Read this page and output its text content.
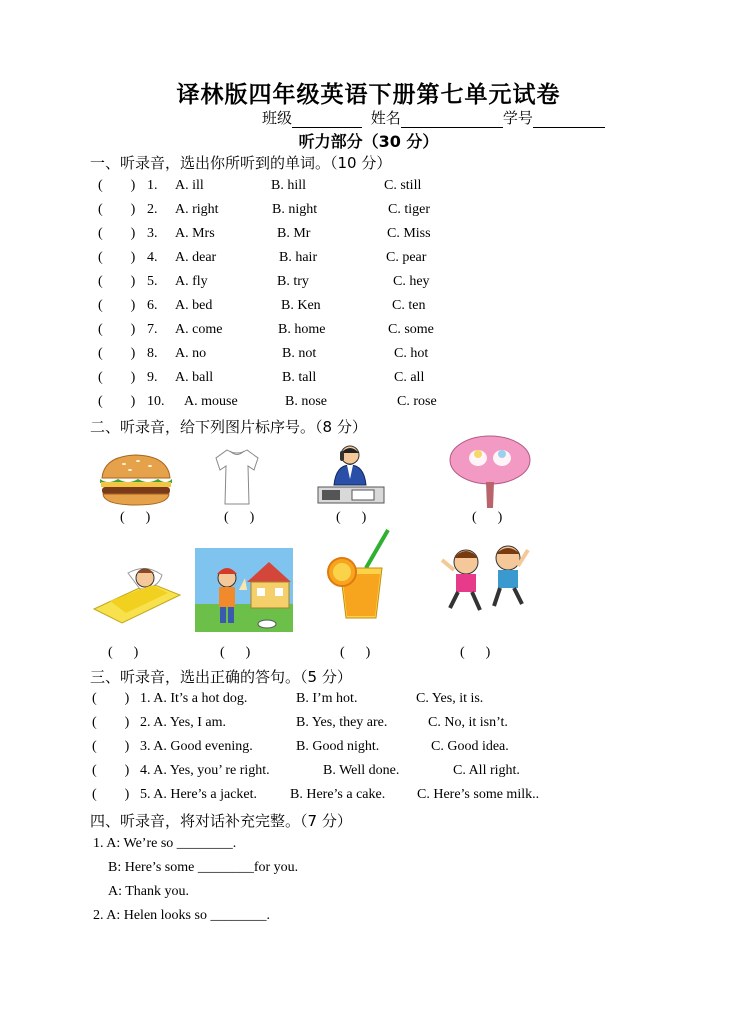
译林版四年级英语下册第七单元试卷
班级	姓名	学号
听力部分（30 分）
一、听录音，选出你所听到的单词。（10 分）
(        ) 1. A. ill	B. hill	C. still
(        ) 2. A. right	B. night	C. tiger
(        ) 3. A. Mrs	B. Mr	C. Miss
(        ) 4. A. dear	B. hair	C. pear
(        ) 5. A. fly	B. try	C. hey
(        ) 6. A. bed	B. Ken	C. ten
(        ) 7. A. come	B. home	C. some
(        ) 8. A. no	B. not	C. hot
(        ) 9. A. ball	B. tall	C. all
(        ) 10. A. mouse	B. nose	C. rose
二、听录音，给下列图片标序号。（8 分）
(      )	(      )	(      )	(      )
(      )	(      )	(      )	(      )
三、听录音，选出正确的答句。（5 分）
(        ) 1. A. It’s a hot dog.	B. I’m hot.	C. Yes, it is.
(        ) 2. A. Yes, I am.	B. Yes, they are.	C. No, it isn’t.
(        ) 3. A. Good evening.	B. Good night.	C. Good idea.
(        ) 4. A. Yes, you’ re right.	B. Well done.	C. All right.
(        ) 5. A. Here’s a jacket. B. Here’s a cake. C. Here’s some milk..
四、听录音，将对话补充完整。（7 分）
1. A: We’re so ________.
B: Here’s some ________for you.
A: Thank you.
2. A: Helen looks so ________.
